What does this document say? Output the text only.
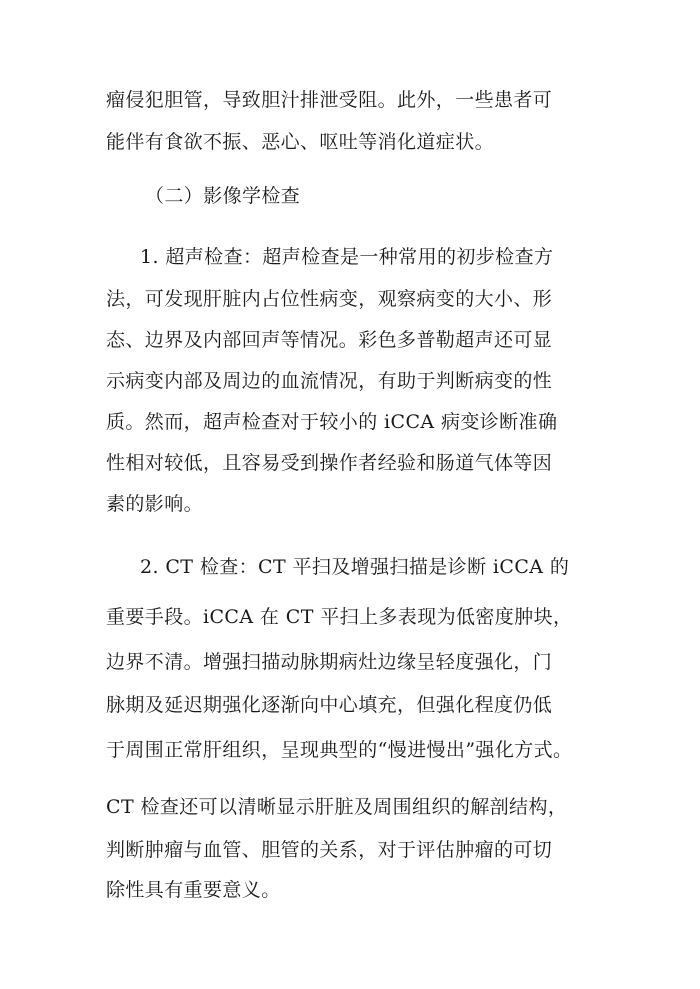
瘤侵犯胆管，导致胆汁排泄受阻。此外，一些患者可
能伴有食欲不振、恶心、呕吐等消化道症状。
（二）影像学检查
1. 超声检查：超声检查是一种常用的初步检查方
法，可发现肝脏内占位性病变，观察病变的大小、形
态、边界及内部回声等情况。彩色多普勒超声还可显
示病变内部及周边的血流情况，有助于判断病变的性
质。然而，超声检查对于较小的 iCCA 病变诊断准确
性相对较低，且容易受到操作者经验和肠道气体等因
素的影响。
2. CT 检查：CT 平扫及增强扫描是诊断 iCCA 的
重要手段。iCCA 在 CT 平扫上多表现为低密度肿块，
边界不清。增强扫描动脉期病灶边缘呈轻度强化，门
脉期及延迟期强化逐渐向中心填充，但强化程度仍低
于周围正常肝组织，呈现典型的“慢进慢出”强化方式。
CT 检查还可以清晰显示肝脏及周围组织的解剖结构，
判断肿瘤与血管、胆管的关系，对于评估肿瘤的可切
除性具有重要意义。
